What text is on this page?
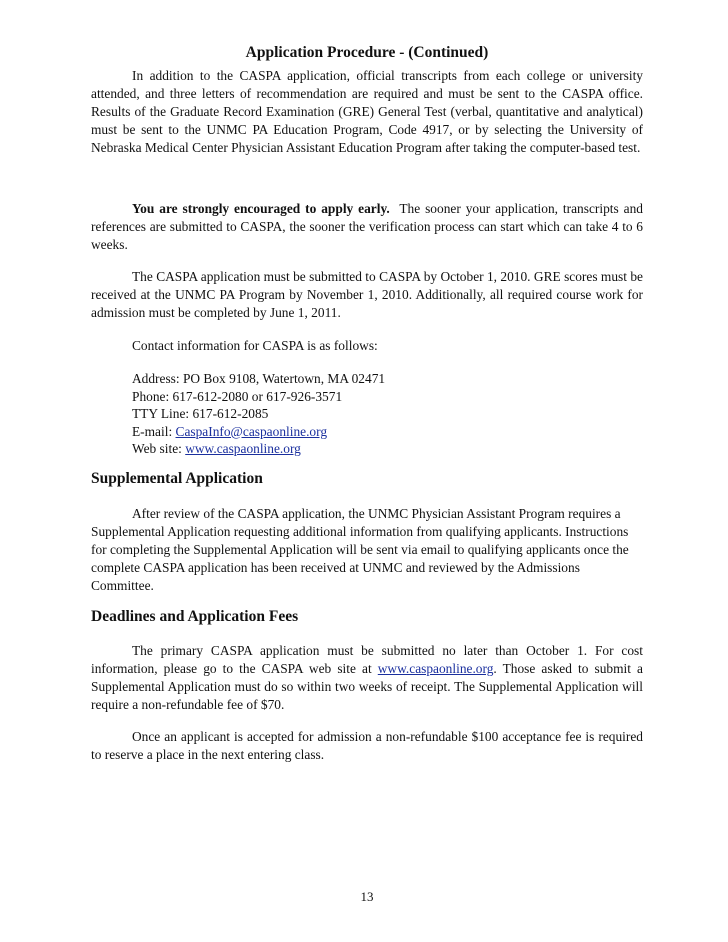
Application Procedure - (Continued)

In addition to the CASPA application, official transcripts from each college or university attended, and three letters of recommendation are required and must be sent to the CASPA office. Results of the Graduate Record Examination (GRE) General Test (verbal, quantitative and analytical) must be sent to the UNMC PA Education Program, Code 4917, or by selecting the University of Nebraska Medical Center Physician Assistant Education Program after taking the computer-based test.

You are strongly encouraged to apply early. The sooner your application, transcripts and references are submitted to CASPA, the sooner the verification process can start which can take 4 to 6 weeks.

The CASPA application must be submitted to CASPA by October 1, 2010. GRE scores must be received at the UNMC PA Program by November 1, 2010. Additionally, all required course work for admission must be completed by June 1, 2011.

Contact information for CASPA is as follows:

Address: PO Box 9108, Watertown, MA 02471
Phone: 617-612-2080 or 617-926-3571
TTY Line: 617-612-2085
E-mail: CaspaInfo@caspaonline.org
Web site: www.caspaonline.org
Supplemental Application

After review of the CASPA application, the UNMC Physician Assistant Program requires a Supplemental Application requesting additional information from qualifying applicants. Instructions for completing the Supplemental Application will be sent via email to qualifying applicants once the complete CASPA application has been received at UNMC and reviewed by the Admissions Committee.

Deadlines and Application Fees

The primary CASPA application must be submitted no later than October 1. For cost information, please go to the CASPA web site at www.caspaonline.org. Those asked to submit a Supplemental Application must do so within two weeks of receipt. The Supplemental Application will require a non-refundable fee of $70.

Once an applicant is accepted for admission a non-refundable $100 acceptance fee is required to reserve a place in the next entering class.

13
